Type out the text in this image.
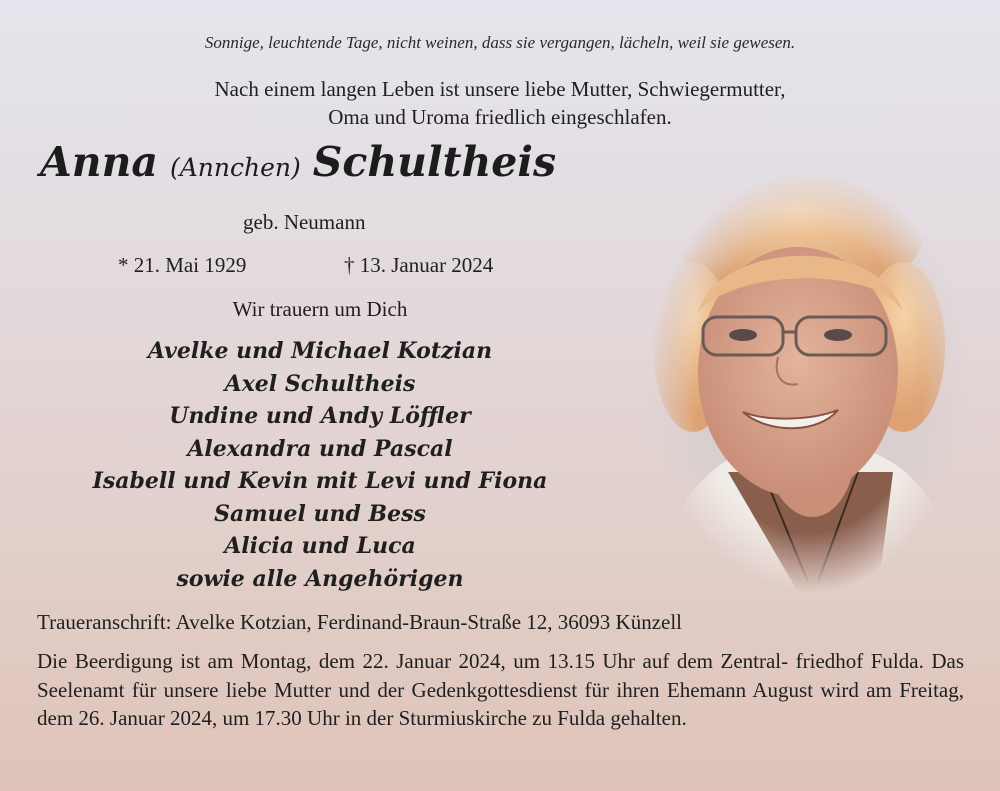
Sonnige, leuchtende Tage, nicht weinen, dass sie vergangen, lächeln, weil sie gewesen.
Nach einem langen Leben ist unsere liebe Mutter, Schwiegermutter,
Oma und Uroma friedlich eingeschlafen.
Anna (Annchen) Schultheis
geb. Neumann
* 21. Mai 1929	† 13. Januar 2024
Wir trauern um Dich
Avelke und Michael Kotzian
Axel Schultheis
Undine und Andy Löffler
Alexandra und Pascal
Isabell und Kevin mit Levi und Fiona
Samuel und Bess
Alicia und Luca
sowie alle Angehörigen
Traueranschrift: Avelke Kotzian, Ferdinand-Braun-Straße 12, 36093 Künzell
Die Beerdigung ist am Montag, dem 22. Januar 2024, um 13.15 Uhr auf dem Zentral- friedhof Fulda. Das Seelenamt für unsere liebe Mutter und der Gedenkgottesdienst für ihren Ehemann August wird am Freitag, dem 26. Januar 2024, um 17.30 Uhr in der Sturmiuskirche zu Fulda gehalten.
